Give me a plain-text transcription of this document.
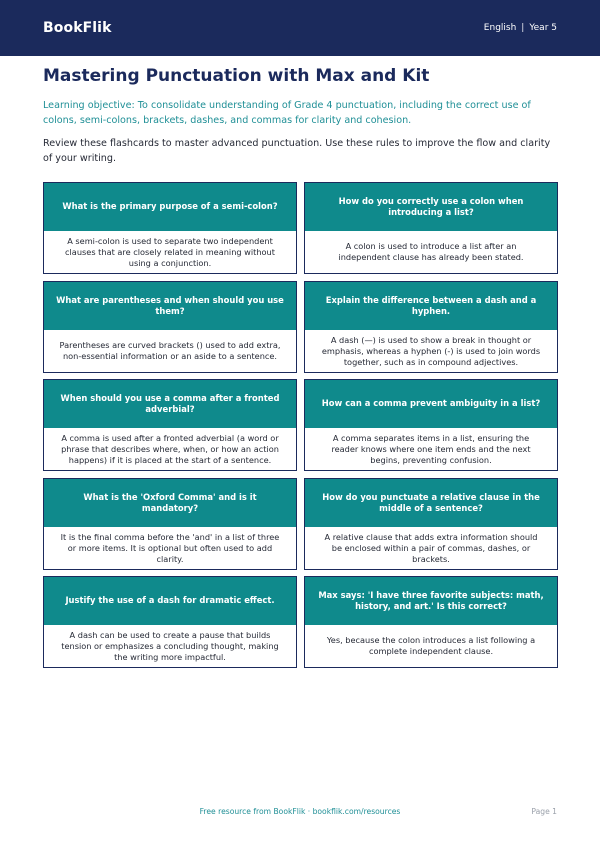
BookFlik	English | Year 5
Mastering Punctuation with Max and Kit

Learning objective: To consolidate understanding of Grade 4 punctuation, including the correct use of colons, semi-colons, brackets, dashes, and commas for clarity and cohesion.

Review these flashcards to master advanced punctuation. Use these rules to improve the flow and clarity of your writing.

What is the primary purpose of a semi-colon?
A semi-colon is used to separate two independent clauses that are closely related in meaning without using a conjunction.
How do you correctly use a colon when introducing a list?
A colon is used to introduce a list after an independent clause has already been stated.
What are parentheses and when should you use them?
Parentheses are curved brackets () used to add extra, non-essential information or an aside to a sentence.
Explain the difference between a dash and a hyphen.
A dash (—) is used to show a break in thought or emphasis, whereas a hyphen (-) is used to join words together, such as in compound adjectives.
When should you use a comma after a fronted adverbial?
A comma is used after a fronted adverbial (a word or phrase that describes where, when, or how an action happens) if it is placed at the start of a sentence.
How can a comma prevent ambiguity in a list?
A comma separates items in a list, ensuring the reader knows where one item ends and the next begins, preventing confusion.
What is the 'Oxford Comma' and is it mandatory?
It is the final comma before the 'and' in a list of three or more items. It is optional but often used to add clarity.
How do you punctuate a relative clause in the middle of a sentence?
A relative clause that adds extra information should be enclosed within a pair of commas, dashes, or brackets.
Justify the use of a dash for dramatic effect.
A dash can be used to create a pause that builds tension or emphasizes a concluding thought, making the writing more impactful.
Max says: 'I have three favorite subjects: math, history, and art.' Is this correct?
Yes, because the colon introduces a list following a complete independent clause.
Free resource from BookFlik · bookflik.com/resources	Page 1
